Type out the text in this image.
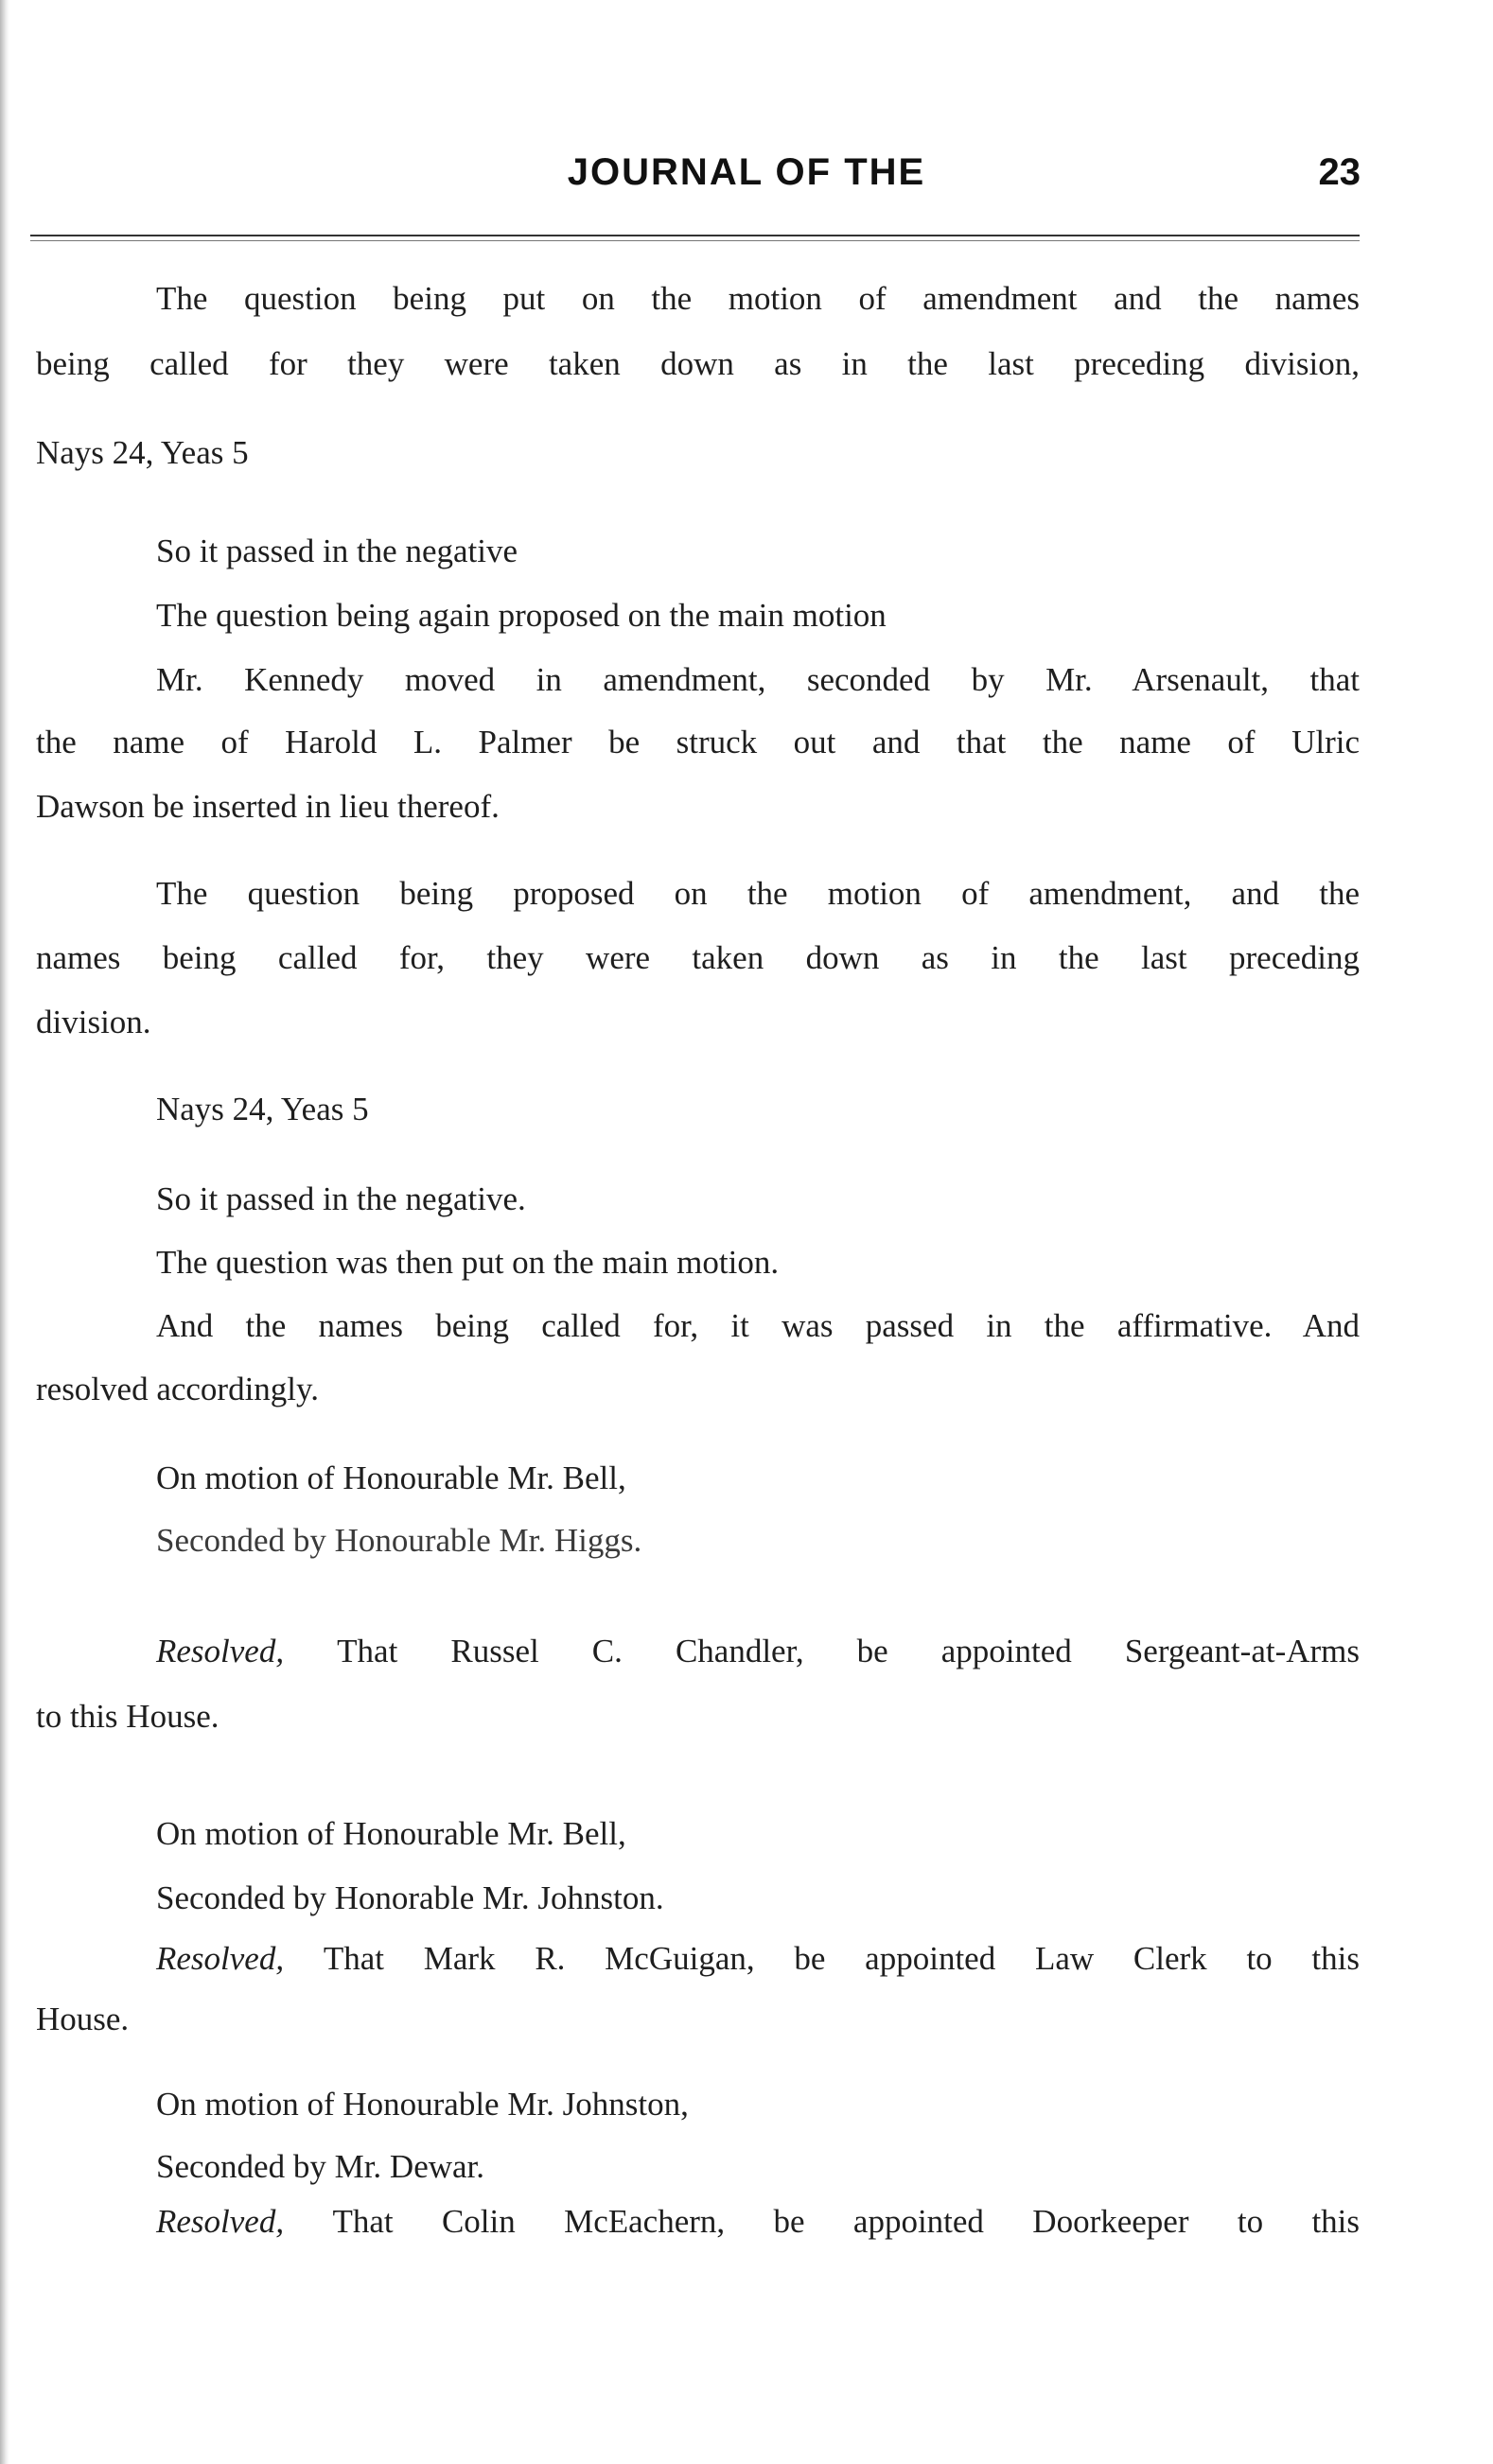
JOURNAL OF THE	23
The question being put on the motion of amendment and the names
being called for they were taken down as in the last preceding division,
Nays 24, Yeas 5
So it passed in the negative
The question being again proposed on the main motion
Mr. Kennedy moved in amendment, seconded by Mr. Arsenault, that
the name of Harold L. Palmer be struck out and that the name of Ulric
Dawson be inserted in lieu thereof.
The question being proposed on the motion of amendment, and the
names being called for, they were taken down as in the last preceding
division.
Nays 24, Yeas 5
So it passed in the negative.
The question was then put on the main motion.
And the names being called for, it was passed in the affirmative. And
resolved accordingly.
On motion of Honourable Mr. Bell,
Seconded by Honourable Mr. Higgs.
Resolved, That Russel C. Chandler, be appointed Sergeant-at-Arms
to this House.
On motion of Honourable Mr. Bell,
Seconded by Honorable Mr. Johnston.
Resolved, That Mark R. McGuigan, be appointed Law Clerk to this
House.
On motion of Honourable Mr. Johnston,
Seconded by Mr. Dewar.
Resolved, That Colin McEachern, be appointed Doorkeeper to this
